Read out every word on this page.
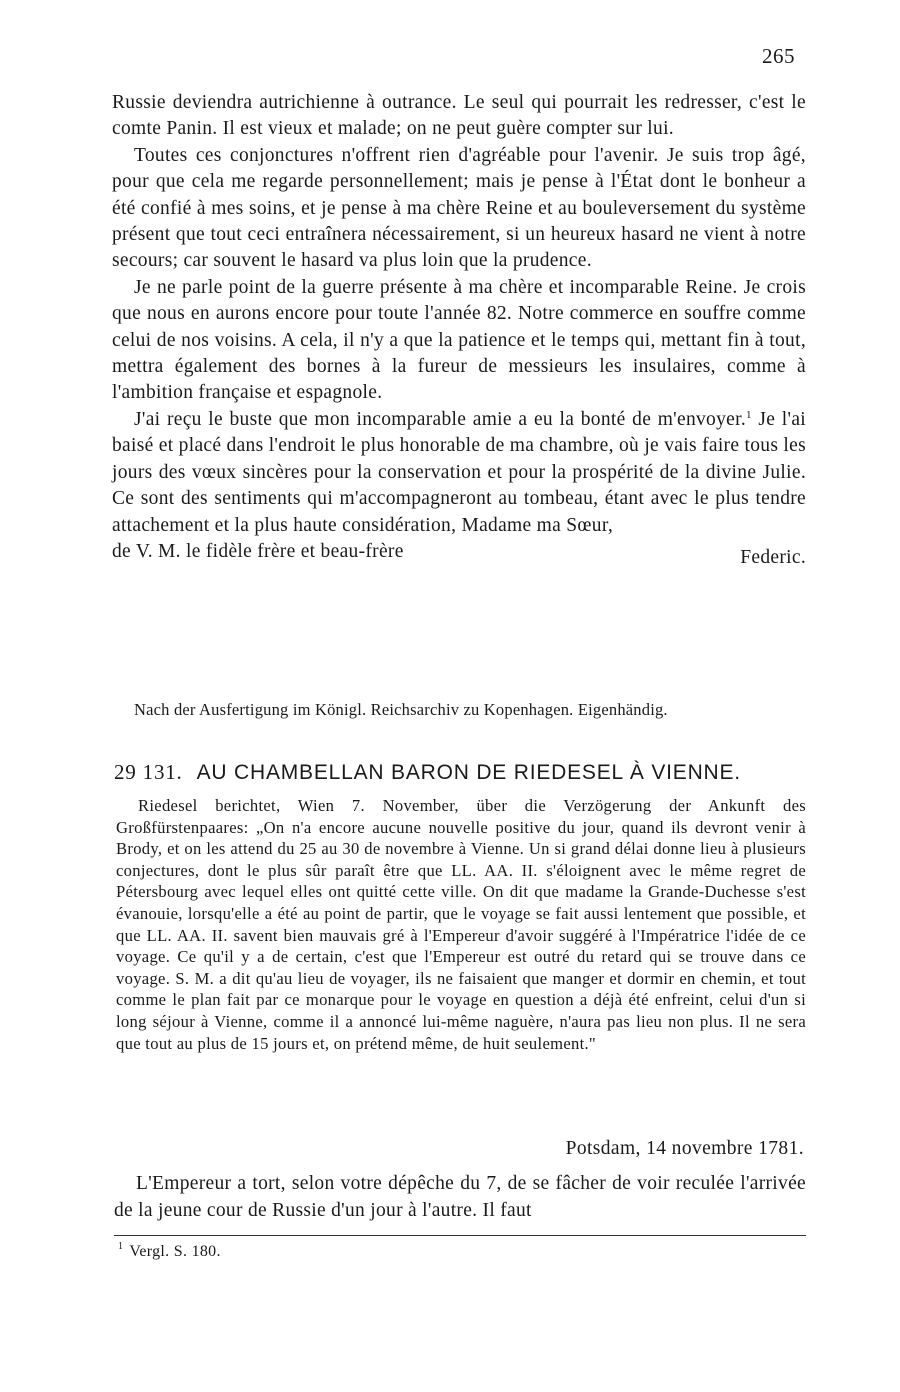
265

Russie deviendra autrichienne à outrance. Le seul qui pourrait les redresser, c'est le comte Panin. Il est vieux et malade; on ne peut guère compter sur lui.

Toutes ces conjonctures n'offrent rien d'agréable pour l'avenir. Je suis trop âgé, pour que cela me regarde personnellement; mais je pense à l'État dont le bonheur a été confié à mes soins, et je pense à ma chère Reine et au bouleversement du système présent que tout ceci entraînera nécessairement, si un heureux hasard ne vient à notre secours; car souvent le hasard va plus loin que la prudence.

Je ne parle point de la guerre présente à ma chère et incomparable Reine. Je crois que nous en aurons encore pour toute l'année 82. Notre commerce en souffre comme celui de nos voisins. A cela, il n'y a que la patience et le temps qui, mettant fin à tout, mettra également des bornes à la fureur de messieurs les insulaires, comme à l'ambition française et espagnole.

J'ai reçu le buste que mon incomparable amie a eu la bonté de m'envoyer.$^1$ Je l'ai baisé et placé dans l'endroit le plus honorable de ma chambre, où je vais faire tous les jours des vœux sincères pour la conservation et pour la prospérité de la divine Julie. Ce sont des sentiments qui m'accompagneront au tombeau, étant avec le plus tendre attachement et la plus haute considération, Madame ma Sœur,

de V. M. le fidèle frère et beau-frère	Federic.
Nach der Ausfertigung im Königl. Reichsarchiv zu Kopenhagen. Eigenhändig.
29 131. AU CHAMBELLAN BARON DE RIEDESEL À VIENNE.

Riedesel berichtet, Wien 7. November, über die Verzögerung der Ankunft des Großfürstenpaares: „On n'a encore aucune nouvelle positive du jour, quand ils devront venir à Brody, et on les attend du 25 au 30 de novembre à Vienne. Un si grand délai donne lieu à plusieurs conjectures, dont le plus sûr paraît être que LL. AA. II. s'éloignent avec le même regret de Pétersbourg avec lequel elles ont quitté cette ville. On dit que madame la Grande-Duchesse s'est évanouie, lorsqu'elle a été au point de partir, que le voyage se fait aussi lentement que possible, et que LL. AA. II. savent bien mauvais gré à l'Empereur d'avoir suggéré à l'Impératrice l'idée de ce voyage. Ce qu'il y a de certain, c'est que l'Empereur est outré du retard qui se trouve dans ce voyage. S. M. a dit qu'au lieu de voyager, ils ne faisaient que manger et dormir en chemin, et tout comme le plan fait par ce monarque pour le voyage en question a déjà été enfreint, celui d'un si long séjour à Vienne, comme il a annoncé lui-même naguère, n'aura pas lieu non plus. Il ne sera que tout au plus de 15 jours et, on prétend même, de huit seulement."

Potsdam, 14 novembre 1781.

L'Empereur a tort, selon votre dépêche du 7, de se fâcher de voir reculée l'arrivée de la jeune cour de Russie d'un jour à l'autre. Il faut

$^1$ Vergl. S. 180.
